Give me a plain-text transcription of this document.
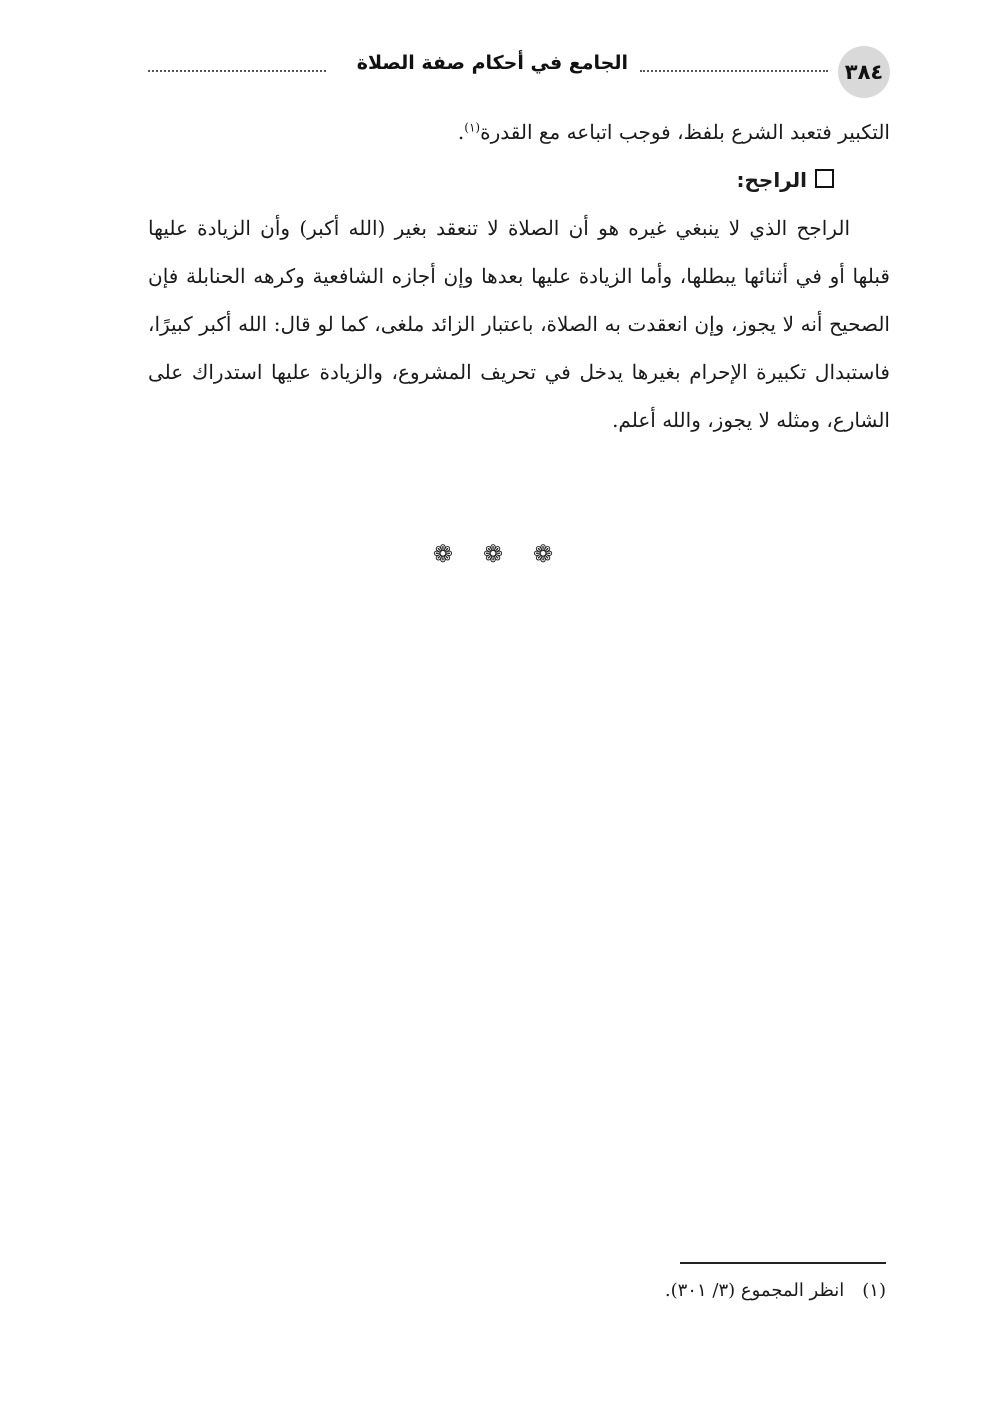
٣٨٤
الجامع في أحكام صفة الصلاة

التكبير فتعبد الشرع بلفظ، فوجب اتباعه مع القدرة$^{(١)}$.

الراجح:

الراجح الذي لا ينبغي غيره هو أن الصلاة لا تنعقد بغير (الله أكبر) وأن الزيادة عليها قبلها أو في أثنائها يبطلها، وأما الزيادة عليها بعدها وإن أجازه الشافعية وكرهه الحنابلة فإن الصحيح أنه لا يجوز، وإن انعقدت به الصلاة، باعتبار الزائد ملغى، كما لو قال: الله أكبر كبيرًا، فاستبدال تكبيرة الإحرام بغيرها يدخل في تحريف المشروع، والزيادة عليها استدراك على الشارع، ومثله لا يجوز، والله أعلم.

❁ ❁ ❁
(١)انظر المجموع (٣/ ٣٠١).
